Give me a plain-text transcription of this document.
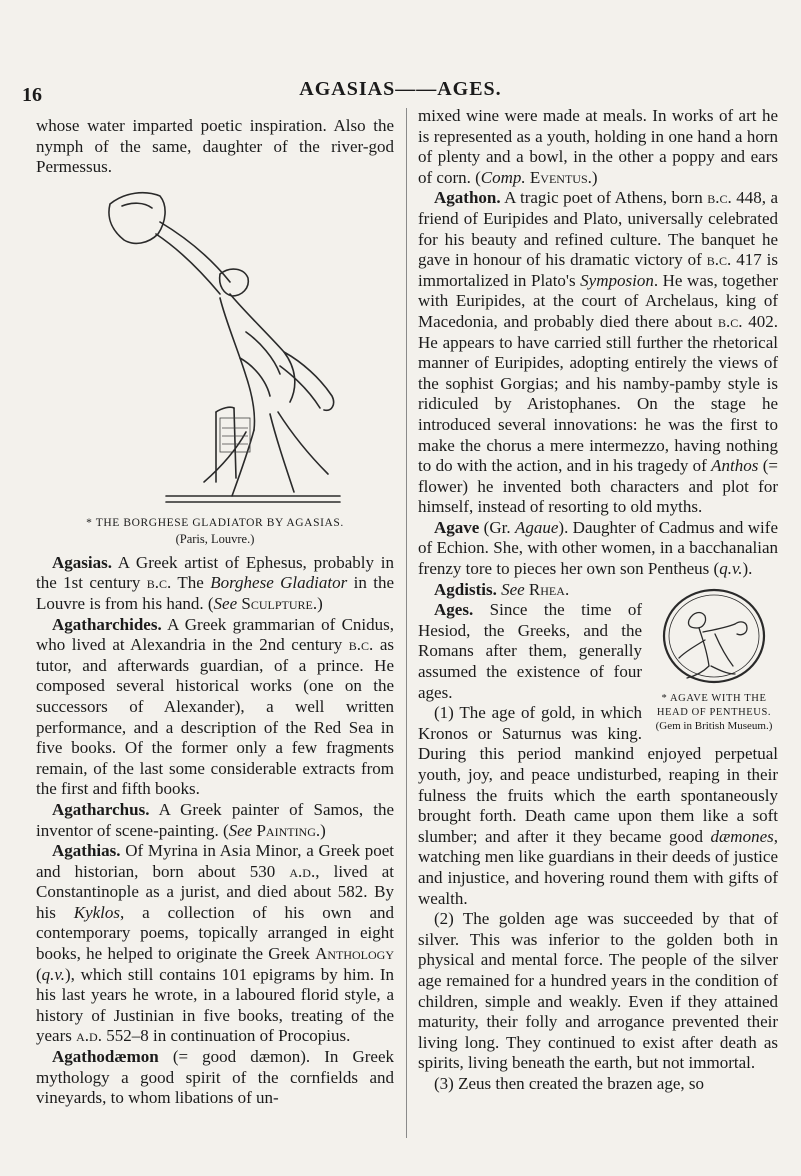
16	AGASIAS——AGES.

whose water imparted poetic inspiration. Also the nymph of the same, daughter of the river-god Permessus.

* THE BORGHESE GLADIATOR BY AGASIAS.
(Paris, Louvre.)

Agasias. A Greek artist of Ephesus, probably in the 1st century b.c. The Borghese Gladiator in the Louvre is from his hand. (See Sculpture.)

Agatharchides. A Greek grammarian of Cnidus, who lived at Alexandria in the 2nd century b.c. as tutor, and afterwards guardian, of a prince. He composed several historical works (one on the successors of Alexander), a well written performance, and a description of the Red Sea in five books. Of the former only a few fragments remain, of the last some considerable extracts from the first and fifth books.

Agatharchus. A Greek painter of Samos, the inventor of scene-painting. (See Painting.)

Agathias. Of Myrina in Asia Minor, a Greek poet and historian, born about 530 a.d., lived at Constantinople as a jurist, and died about 582. By his Kyklos, a collection of his own and contemporary poems, topically arranged in eight books, he helped to originate the Greek Anthology (q.v.), which still contains 101 epigrams by him. In his last years he wrote, in a laboured florid style, a history of Justinian in five books, treating of the years a.d. 552–8 in continuation of Procopius.

Agathodæmon (= good dæmon). In Greek mythology a good spirit of the cornfields and vineyards, to whom libations of un-

mixed wine were made at meals. In works of art he is represented as a youth, holding in one hand a horn of plenty and a bowl, in the other a poppy and ears of corn. (Comp. Eventus.)

Agathon. A tragic poet of Athens, born b.c. 448, a friend of Euripides and Plato, universally celebrated for his beauty and refined culture. The banquet he gave in honour of his dramatic victory of b.c. 417 is immortalized in Plato's Symposion. He was, together with Euripides, at the court of Archelaus, king of Macedonia, and probably died there about b.c. 402. He appears to have carried still further the rhetorical manner of Euripides, adopting entirely the views of the sophist Gorgias; and his namby-pamby style is ridiculed by Aristophanes. On the stage he introduced several innovations: he was the first to make the chorus a mere intermezzo, having nothing to do with the action, and in his tragedy of Anthos (= flower) he invented both characters and plot for himself, instead of resorting to old myths.

Agave (Gr. Agaue). Daughter of Cadmus and wife of Echion. She, with other women, in a bacchanalian frenzy tore to pieces her own son Pentheus (q.v.).

* AGAVE WITH THE HEAD OF PENTHEUS.
(Gem in British Museum.)

Agdistis. See Rhea.

Ages. Since the time of Hesiod, the Greeks, and the Romans after them, generally assumed the existence of four ages.

(1) The age of gold, in which Kronos or Saturnus was king. During this period mankind enjoyed perpetual youth, joy, and peace undisturbed, reaping in their fulness the fruits which the earth spontaneously brought forth. Death came upon them like a soft slumber; and after it they became good dæmones, watching men like guardians in their deeds of justice and injustice, and hovering round them with gifts of wealth.

(2) The golden age was succeeded by that of silver. This was inferior to the golden both in physical and mental force. The people of the silver age remained for a hundred years in the condition of children, simple and weakly. Even if they attained maturity, their folly and arrogance prevented their living long. They continued to exist after death as spirits, living beneath the earth, but not immortal.

(3) Zeus then created the brazen age, so
